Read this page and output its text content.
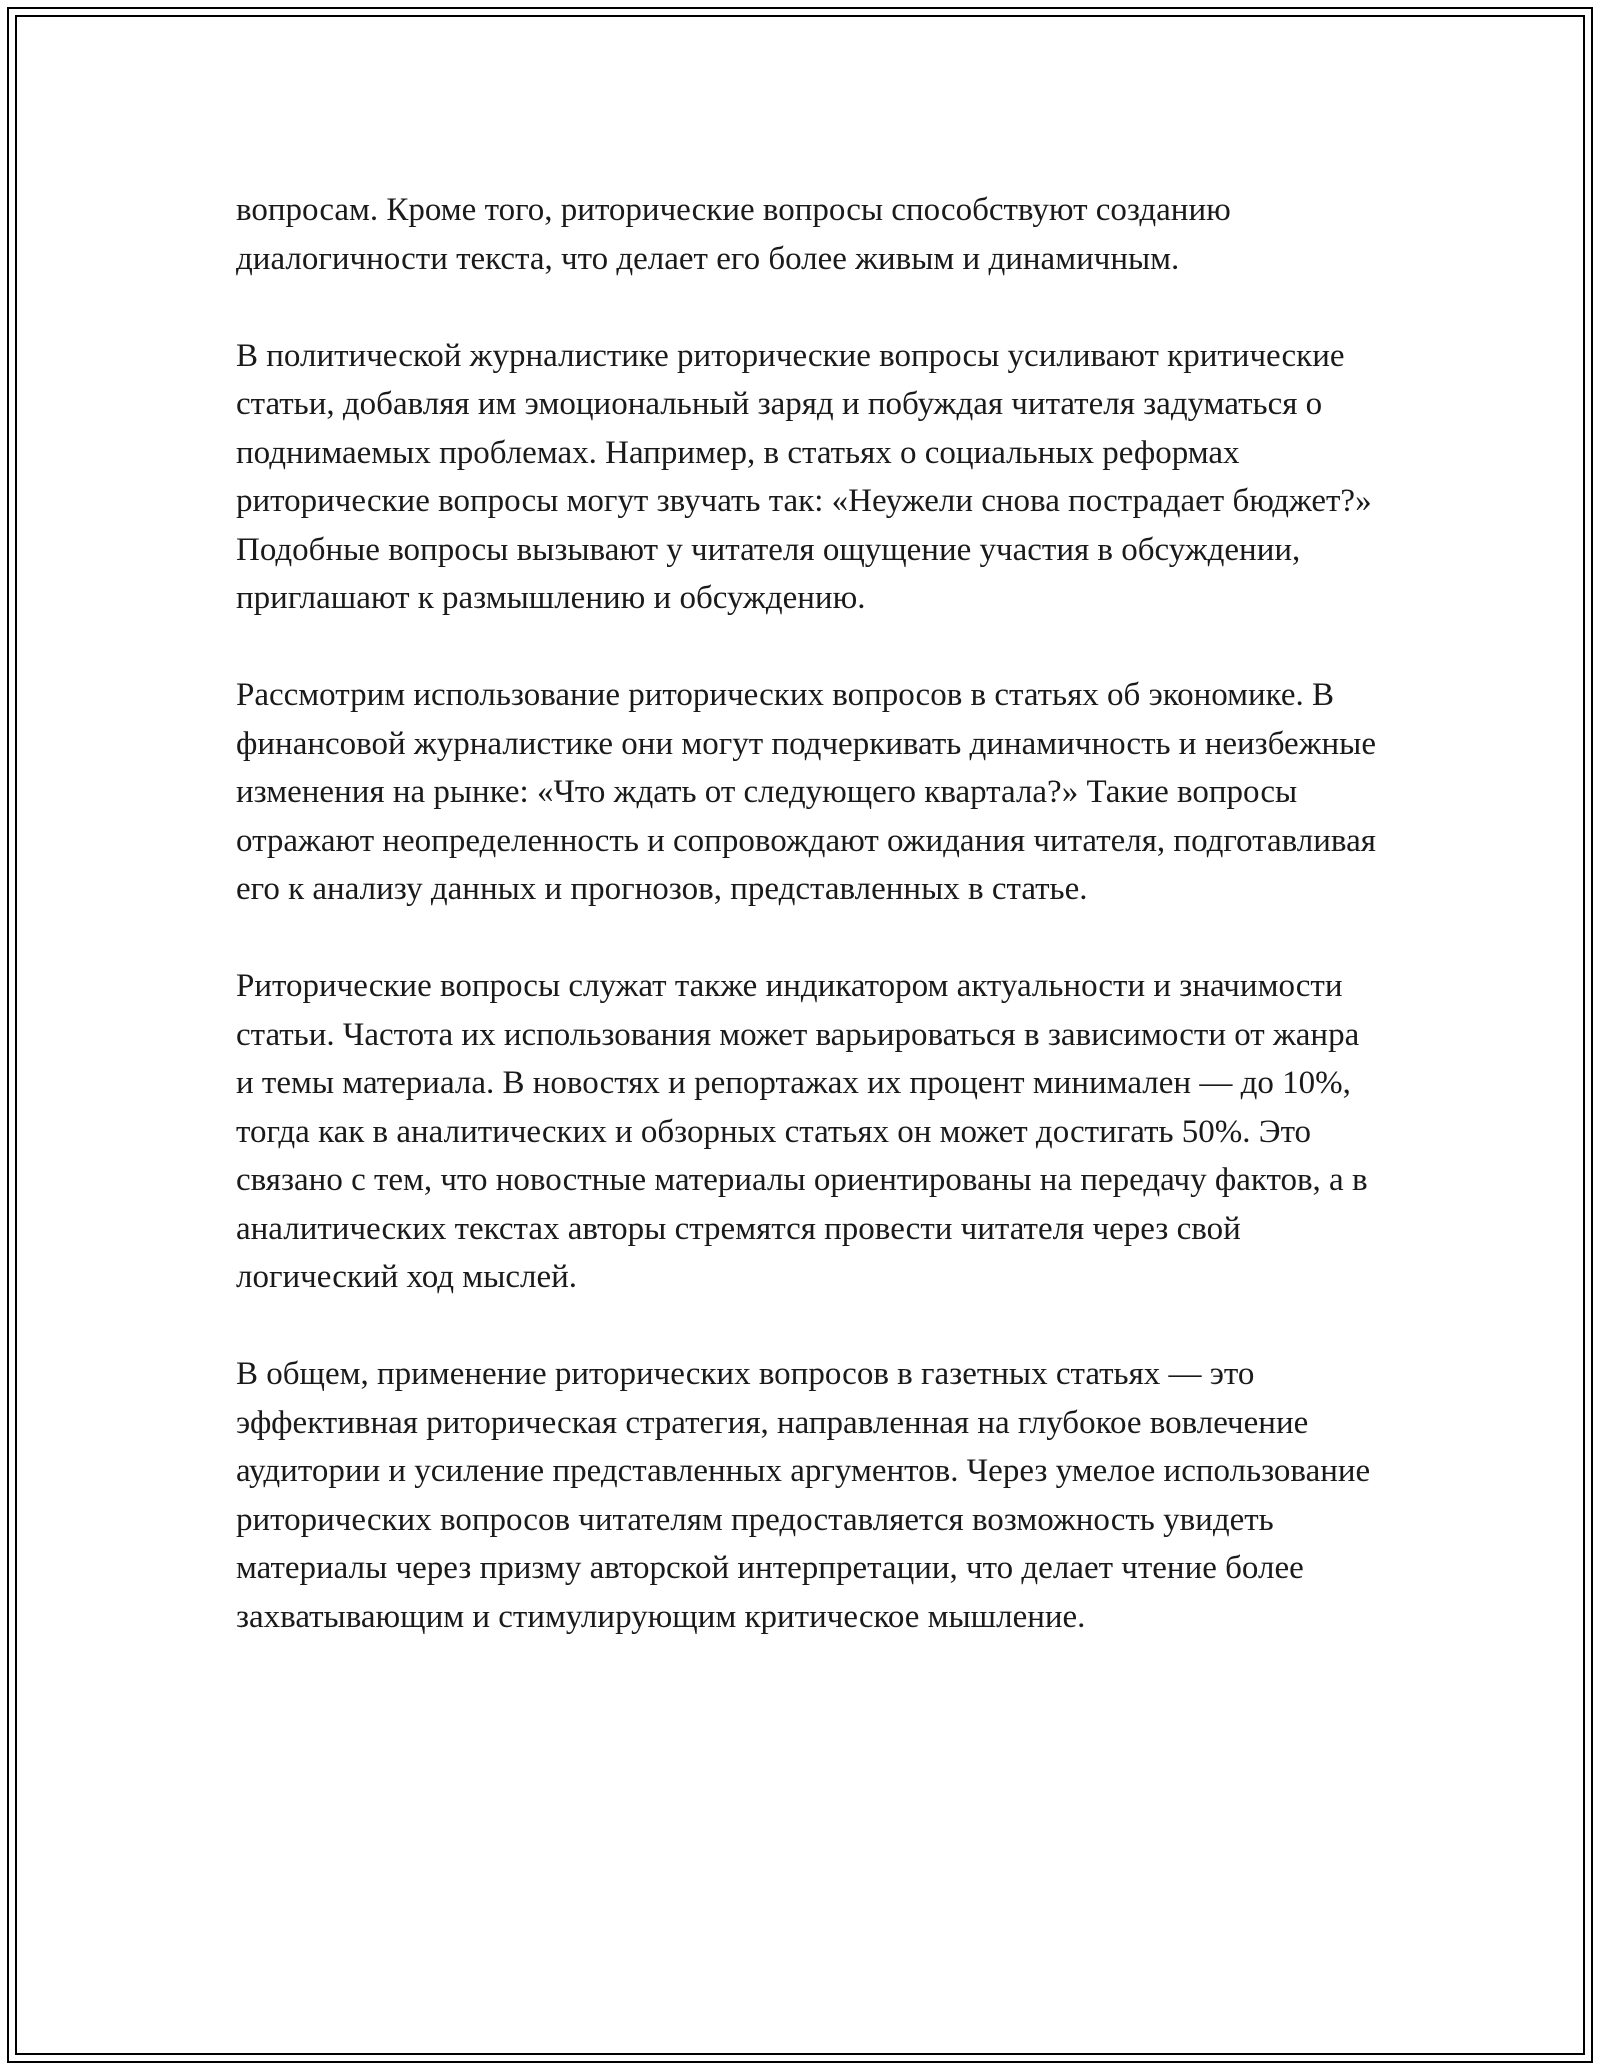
вопросам. Кроме того, риторические вопросы способствуют созданию диалогичности текста, что делает его более живым и динамичным.

В политической журналистике риторические вопросы усиливают критические статьи, добавляя им эмоциональный заряд и побуждая читателя задуматься о поднимаемых проблемах. Например, в статьях о социальных реформах риторические вопросы могут звучать так: «Неужели снова пострадает бюджет?» Подобные вопросы вызывают у читателя ощущение участия в обсуждении, приглашают к размышлению и обсуждению.

Рассмотрим использование риторических вопросов в статьях об экономике. В финансовой журналистике они могут подчеркивать динамичность и неизбежные изменения на рынке: «Что ждать от следующего квартала?» Такие вопросы отражают неопределенность и сопровождают ожидания читателя, подготавливая его к анализу данных и прогнозов, представленных в статье.

Риторические вопросы служат также индикатором актуальности и значимости статьи. Частота их использования может варьироваться в зависимости от жанра и темы материала. В новостях и репортажах их процент минимален — до 10%, тогда как в аналитических и обзорных статьях он может достигать 50%. Это связано с тем, что новостные материалы ориентированы на передачу фактов, а в аналитических текстах авторы стремятся провести читателя через свой логический ход мыслей.

В общем, применение риторических вопросов в газетных статьях — это эффективная риторическая стратегия, направленная на глубокое вовлечение аудитории и усиление представленных аргументов. Через умелое использование риторических вопросов читателям предоставляется возможность увидеть материалы через призму авторской интерпретации, что делает чтение более захватывающим и стимулирующим критическое мышление.
